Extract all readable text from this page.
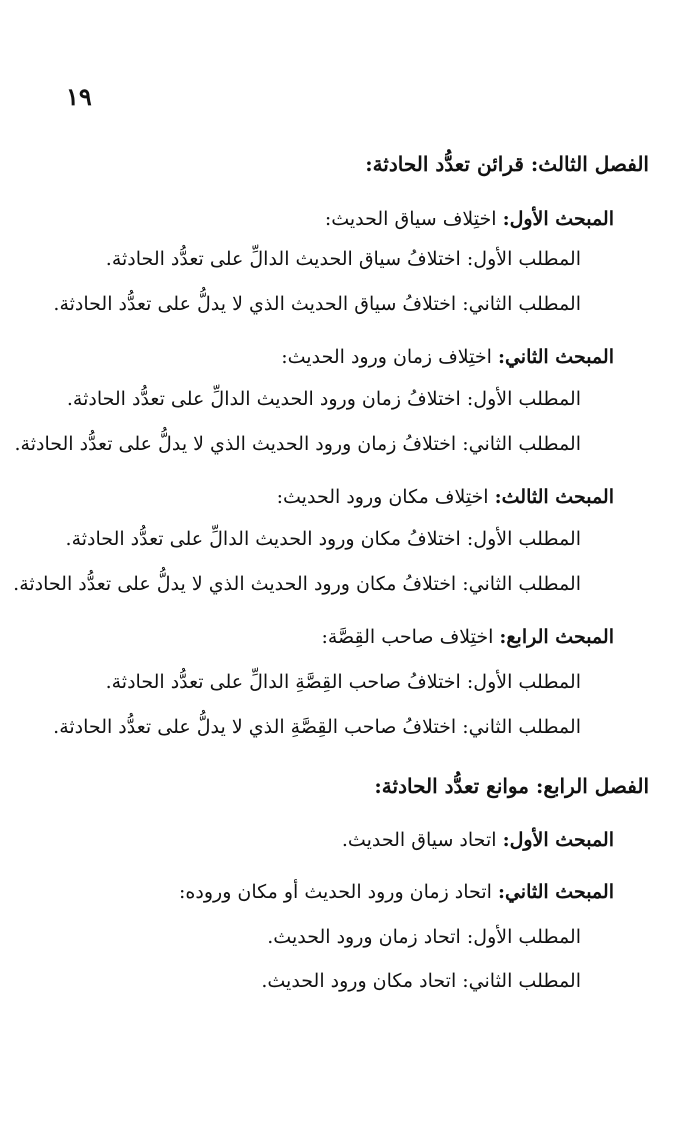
١٩
الفصل الثالث: قرائن تعدُّد الحادثة:
المبحث الأول: اختِلاف سياق الحديث:
المطلب الأول: اختلافُ سياق الحديث الدالِّ على تعدُّد الحادثة.
المطلب الثاني: اختلافُ سياق الحديث الذي لا يدلُّ على تعدُّد الحادثة.
المبحث الثاني: اختِلاف زمان ورود الحديث:
المطلب الأول: اختلافُ زمان ورود الحديث الدالِّ على تعدُّد الحادثة.
المطلب الثاني: اختلافُ زمان ورود الحديث الذي لا يدلُّ على تعدُّد الحادثة.
المبحث الثالث: اختِلاف مكان ورود الحديث:
المطلب الأول: اختلافُ مكان ورود الحديث الدالِّ على تعدُّد الحادثة.
المطلب الثاني: اختلافُ مكان ورود الحديث الذي لا يدلُّ على تعدُّد الحادثة.
المبحث الرابع: اختِلاف صاحب القِصَّة:
المطلب الأول: اختلافُ صاحب القِصَّةِ الدالِّ على تعدُّد الحادثة.
المطلب الثاني: اختلافُ صاحب القِصَّةِ الذي لا يدلُّ على تعدُّد الحادثة.
الفصل الرابع: موانع تعدُّد الحادثة:
المبحث الأول: اتحاد سياق الحديث.
المبحث الثاني: اتحاد زمان ورود الحديث أو مكان وروده:
المطلب الأول: اتحاد زمان ورود الحديث.
المطلب الثاني: اتحاد مكان ورود الحديث.
